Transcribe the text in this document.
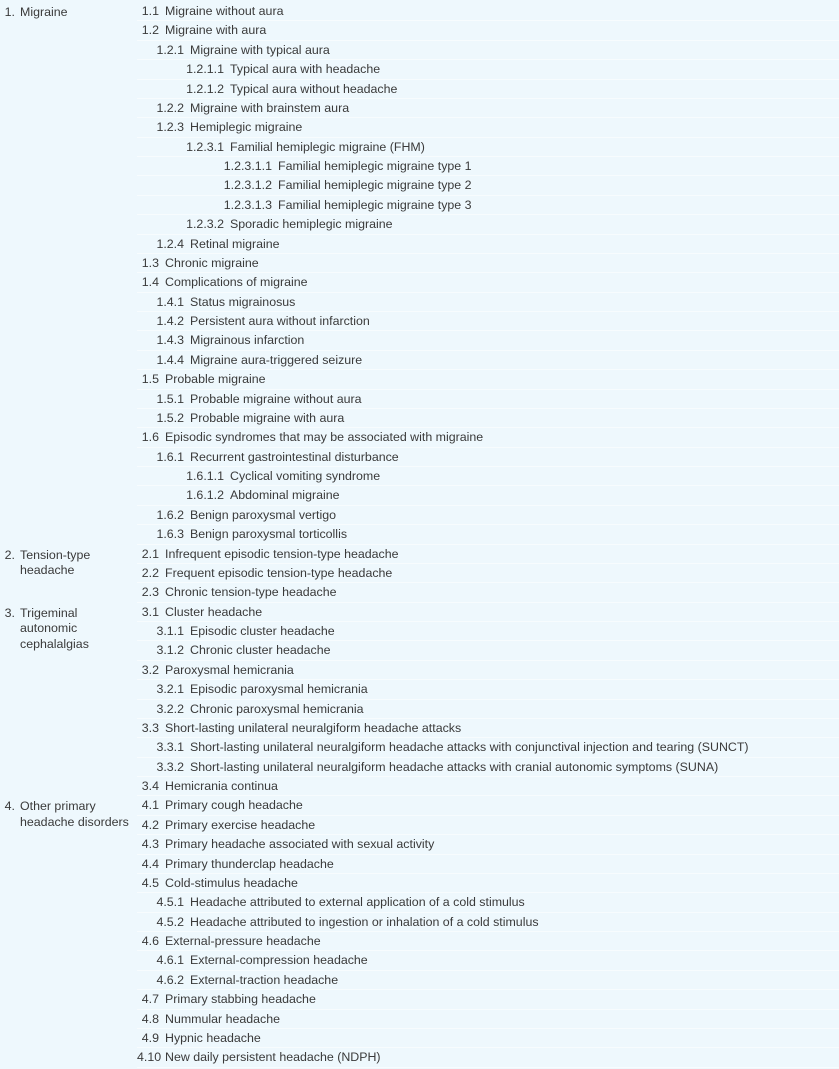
1. Migraine	1.1 Migraine without aura
1.2 Migraine with aura
1.2.1 Migraine with typical aura
1.2.1.1 Typical aura with headache
1.2.1.2 Typical aura without headache
1.2.2 Migraine with brainstem aura
1.2.3 Hemiplegic migraine
1.2.3.1 Familial hemiplegic migraine (FHM)
1.2.3.1.1 Familial hemiplegic migraine type 1
1.2.3.1.2 Familial hemiplegic migraine type 2
1.2.3.1.3 Familial hemiplegic migraine type 3
1.2.3.2 Sporadic hemiplegic migraine
1.2.4 Retinal migraine
1.3 Chronic migraine
1.4 Complications of migraine
1.4.1 Status migrainosus
1.4.2 Persistent aura without infarction
1.4.3 Migrainous infarction
1.4.4 Migraine aura-triggered seizure
1.5 Probable migraine
1.5.1 Probable migraine without aura
1.5.2 Probable migraine with aura
1.6 Episodic syndromes that may be associated with migraine
1.6.1 Recurrent gastrointestinal disturbance
1.6.1.1 Cyclical vomiting syndrome
1.6.1.2 Abdominal migraine
1.6.2 Benign paroxysmal vertigo
1.6.3 Benign paroxysmal torticollis
2. Tension-type headache
2.1 Infrequent episodic tension-type headache
2.2 Frequent episodic tension-type headache
2.3 Chronic tension-type headache
3. Trigeminal autonomic cephalalgias
3.1 Cluster headache
3.1.1 Episodic cluster headache
3.1.2 Chronic cluster headache
3.2 Paroxysmal hemicrania
3.2.1 Episodic paroxysmal hemicrania
3.2.2 Chronic paroxysmal hemicrania
3.3 Short-lasting unilateral neuralgiform headache attacks
3.3.1 Short-lasting unilateral neuralgiform headache attacks with conjunctival injection and tearing (SUNCT)
3.3.2 Short-lasting unilateral neuralgiform headache attacks with cranial autonomic symptoms (SUNA)
3.4 Hemicrania continua
4. Other primary headache disorders
4.1 Primary cough headache
4.2 Primary exercise headache
4.3 Primary headache associated with sexual activity
4.4 Primary thunderclap headache
4.5 Cold-stimulus headache
4.5.1 Headache attributed to external application of a cold stimulus
4.5.2 Headache attributed to ingestion or inhalation of a cold stimulus
4.6 External-pressure headache
4.6.1 External-compression headache
4.6.2 External-traction headache
4.7 Primary stabbing headache
4.8 Nummular headache
4.9 Hypnic headache
4.10 New daily persistent headache (NDPH)
